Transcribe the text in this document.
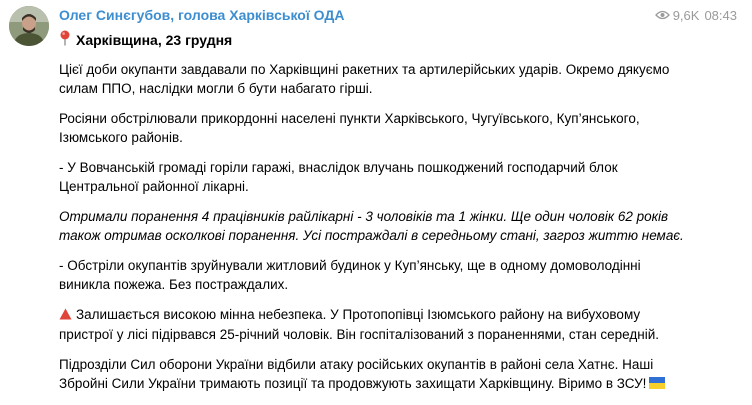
Олег Синєгубов, голова Харківської ОДА	9,6K 08:43
Харківщина, 23 грудня

Цієї доби окупанти завдавали по Харківщині ракетних та артилерійських ударів. Окремо дякуємо
силам ППО, наслідки могли б бути набагато гірші.

Росіяни обстрілювали прикордонні населені пункти Харківського, Чугуївського, Куп’янського,
Ізюмського районів.

- У Вовчанській громаді горіли гаражі, внаслідок влучань пошкоджений господарчий блок
Центральної районної лікарні.

Отримали поранення 4 працівників райлікарні - 3 чоловіків та 1 жінки. Ще один чоловік 62 років
також отримав осколкові поранення. Усі постраждалі в середньому стані, загроз життю немає.

- Обстріли окупантів зруйнували житловий будинок у Куп’янську, ще в одному домоволодінні
виникла пожежа. Без постраждалих.

Залишається високою мінна небезпека. У Протопопівці Ізюмського району на вибуховому
пристрої у лісі підірвався 25-річний чоловік. Він госпіталізований з пораненнями, стан середній.

Підрозділи Сил оборони України відбили атаку російських окупантів в районі села Хатнє. Наші
Збройні Сили України тримають позиції та продовжують захищати Харківщину. Віримо в ЗСУ!
